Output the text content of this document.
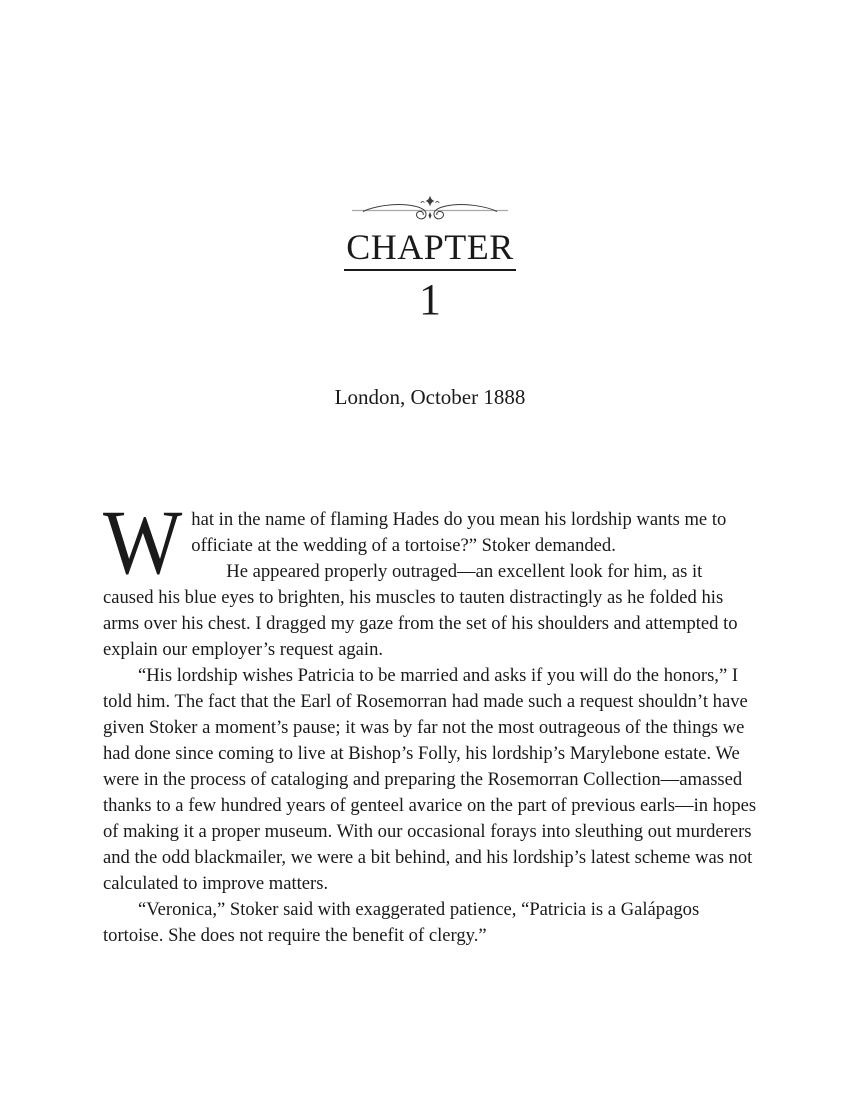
CHAPTER
1
London, October 1888

What in the name of flaming Hades do you mean his lordship wants me to officiate at the wedding of a tortoise?” Stoker demanded.

He appeared properly outraged—an excellent look for him, as it caused his blue eyes to brighten, his muscles to tauten distractingly as he folded his arms over his chest. I dragged my gaze from the set of his shoulders and attempted to explain our employer’s request again.

“His lordship wishes Patricia to be married and asks if you will do the honors,” I told him. The fact that the Earl of Rosemorran had made such a request shouldn’t have given Stoker a moment’s pause; it was by far not the most outrageous of the things we had done since coming to live at Bishop’s Folly, his lordship’s Marylebone estate. We were in the process of cataloging and preparing the Rosemorran Collection—amassed thanks to a few hundred years of genteel avarice on the part of previous earls—in hopes of making it a proper museum. With our occasional forays into sleuthing out murderers and the odd blackmailer, we were a bit behind, and his lordship’s latest scheme was not calculated to improve matters.

“Veronica,” Stoker said with exaggerated patience, “Patricia is a Galápagos tortoise. She does not require the benefit of clergy.”
